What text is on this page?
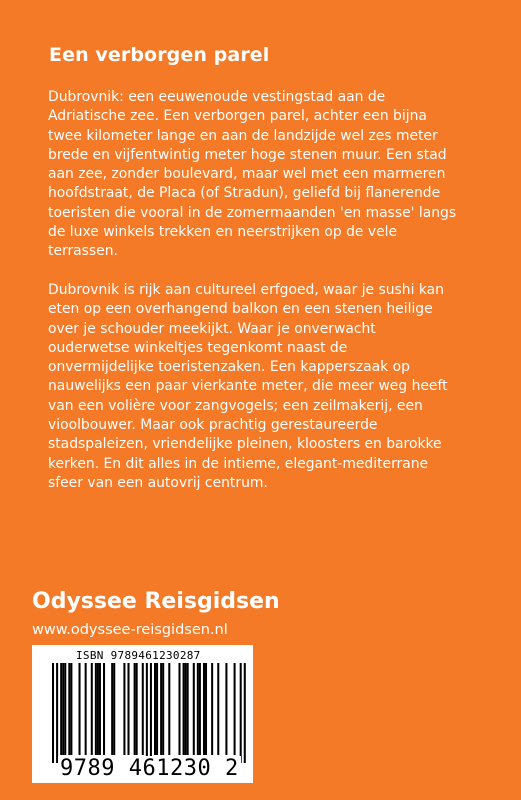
Een verborgen parel
Dubrovnik: een eeuwenoude vestingstad aan de
Adriatische zee. Een verborgen parel, achter een bijna
twee kilometer lange en aan de landzijde wel zes meter
brede en vijfentwintig meter hoge stenen muur. Een stad
aan zee, zonder boulevard, maar wel met een marmeren
hoofdstraat, de Placa (of Stradun), geliefd bij flanerende
toeristen die vooral in de zomermaanden 'en masse' langs
de luxe winkels trekken en neerstrijken op de vele
terrassen.
Dubrovnik is rijk aan cultureel erfgoed, waar je sushi kan
eten op een overhangend balkon en een stenen heilige
over je schouder meekijkt. Waar je onverwacht
ouderwetse winkeltjes tegenkomt naast de
onvermijdelijke toeristenzaken. Een kapperszaak op
nauwelijks een paar vierkante meter, die meer weg heeft
van een volière voor zangvogels; een zeilmakerij, een
vioolbouwer. Maar ook prachtig gerestaureerde
stadspaleizen, vriendelijke pleinen, kloosters en barokke
kerken. En dit alles in de intieme, elegant-mediterrane
sfeer van een autovrij centrum.
Odyssee Reisgidsen
www.odyssee-reisgidsen.nl
ISBN 9789461230287
9789 461230 2
